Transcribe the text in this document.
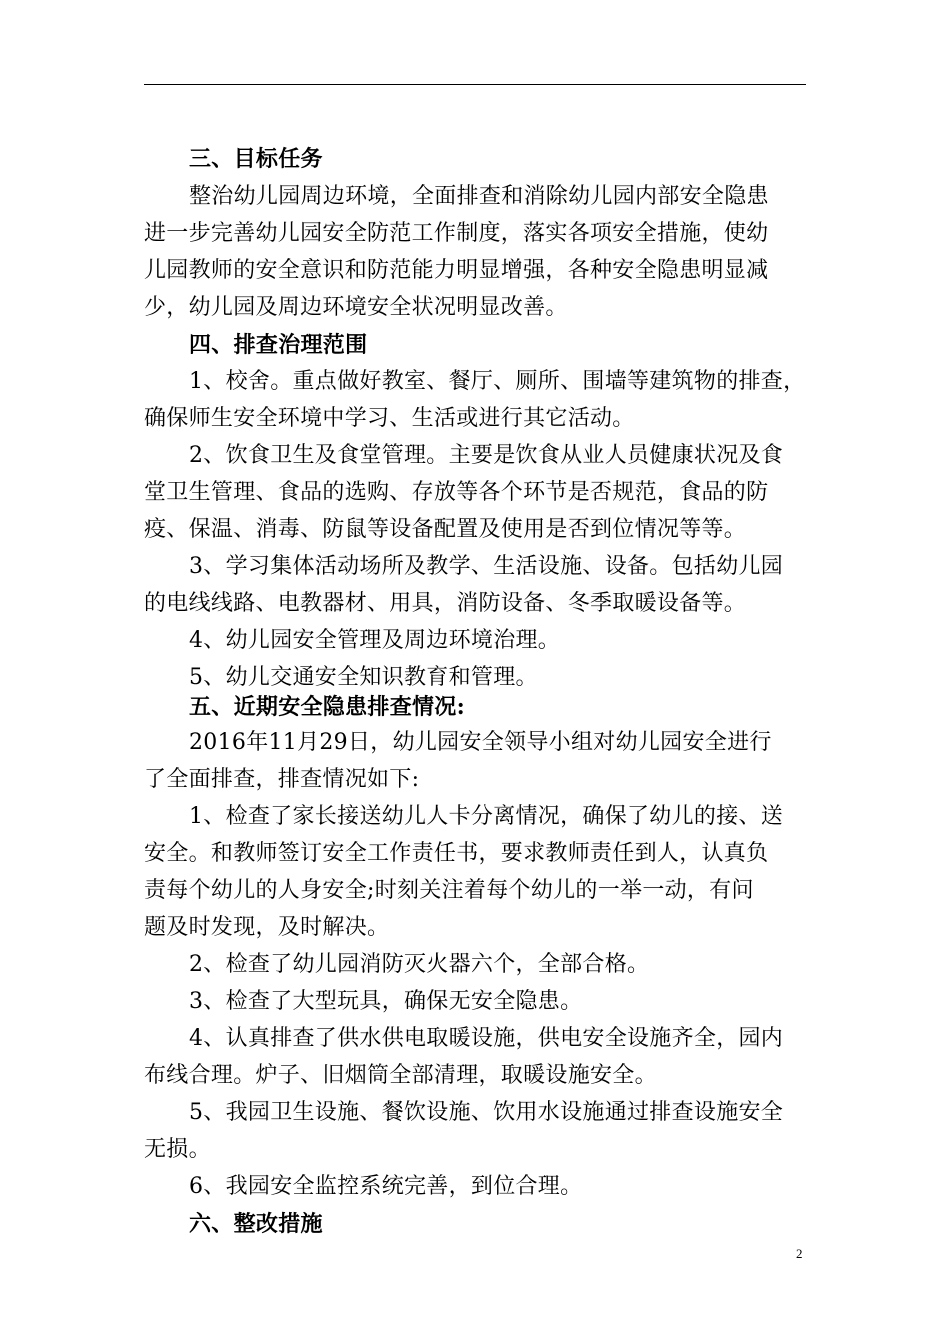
三、目标任务
整治幼儿园周边环境，全面排查和消除幼儿园内部安全隐患
进一步完善幼儿园安全防范工作制度，落实各项安全措施，使幼
儿园教师的安全意识和防范能力明显增强，各种安全隐患明显减
少，幼儿园及周边环境安全状况明显改善。
四、排查治理范围
1、校舍。重点做好教室、餐厅、厕所、围墙等建筑物的排查，
确保师生安全环境中学习、生活或进行其它活动。
2、饮食卫生及食堂管理。主要是饮食从业人员健康状况及食
堂卫生管理、食品的选购、存放等各个环节是否规范，食品的防
疫、保温、消毒、防鼠等设备配置及使用是否到位情况等等。
3、学习集体活动场所及教学、生活设施、设备。包括幼儿园
的电线线路、电教器材、用具，消防设备、冬季取暖设备等。
4、幼儿园安全管理及周边环境治理。
5、幼儿交通安全知识教育和管理。
五、近期安全隐患排查情况:
2016年11月29日，幼儿园安全领导小组对幼儿园安全进行
了全面排查，排查情况如下:
1、检查了家长接送幼儿人卡分离情况，确保了幼儿的接、送
安全。和教师签订安全工作责任书，要求教师责任到人，认真负
责每个幼儿的人身安全;时刻关注着每个幼儿的一举一动，有问
题及时发现，及时解决。
2、检查了幼儿园消防灭火器六个，全部合格。
3、检查了大型玩具，确保无安全隐患。
4、认真排查了供水供电取暖设施，供电安全设施齐全，园内
布线合理。炉子、旧烟筒全部清理，取暖设施安全。
5、我园卫生设施、餐饮设施、饮用水设施通过排查设施安全
无损。
6、我园安全监控系统完善，到位合理。
六、整改措施
2
